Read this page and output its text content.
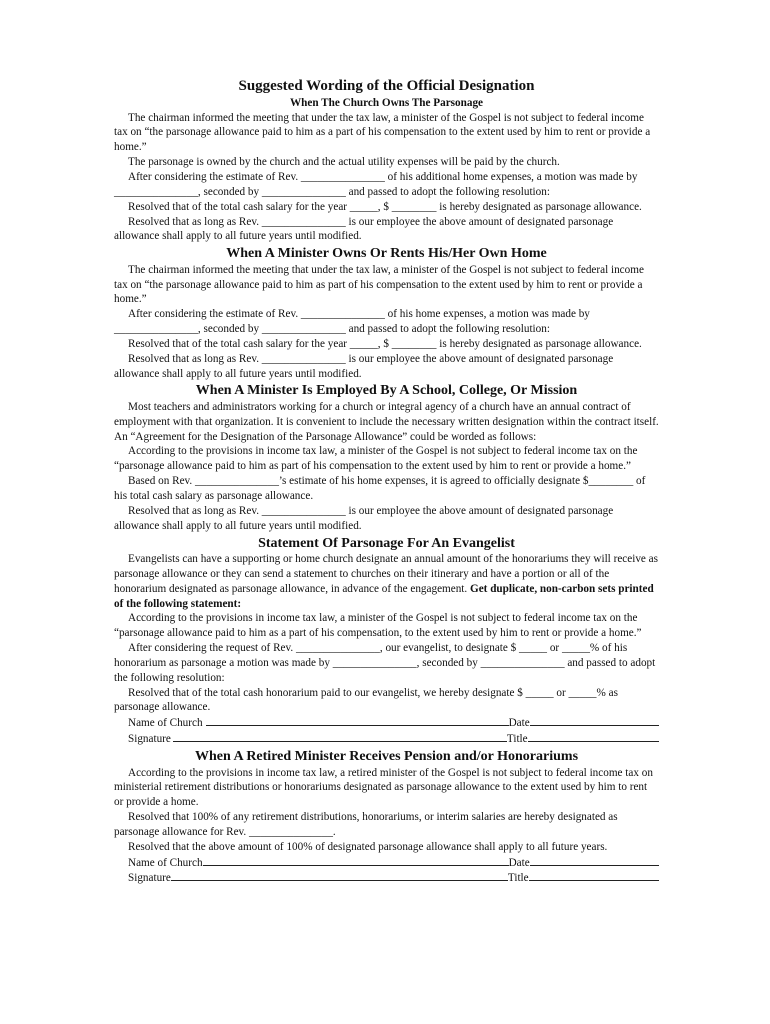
Suggested Wording of the Official Designation
When The Church Owns The Parsonage

The chairman informed the meeting that under the tax law, a minister of the Gospel is not subject to federal income tax on “the parsonage allowance paid to him as a part of his compensation to the extent used by him to rent or provide a home.”

The parsonage is owned by the church and the actual utility expenses will be paid by the church.

After considering the estimate of Rev. _______________ of his additional home expenses, a motion was made by _______________, seconded by _______________ and passed to adopt the following resolution:

Resolved that of the total cash salary for the year _____, $ ________ is hereby designated as parsonage allowance.

Resolved that as long as Rev. _______________ is our employee the above amount of designated parsonage allowance shall apply to all future years until modified.

When A Minister Owns Or Rents His/Her Own Home

The chairman informed the meeting that under the tax law, a minister of the Gospel is not subject to federal income tax on “the parsonage allowance paid to him as part of his compensation to the extent used by him to rent or provide a home.”

After considering the estimate of Rev. _______________ of his home expenses, a motion was made by _______________, seconded by _______________ and passed to adopt the following resolution:

Resolved that of the total cash salary for the year _____, $ ________ is hereby designated as parsonage allowance.

Resolved that as long as Rev. _______________ is our employee the above amount of designated parsonage allowance shall apply to all future years until modified.

When A Minister Is Employed By A School, College, Or Mission

Most teachers and administrators working for a church or integral agency of a church have an annual contract of employment with that organization. It is convenient to include the necessary written designation within the contract itself. An “Agreement for the Designation of the Parsonage Allowance” could be worded as follows:

According to the provisions in income tax law, a minister of the Gospel is not subject to federal income tax on the “parsonage allowance paid to him as part of his compensation to the extent used by him to rent or provide a home.”

Based on Rev. _______________’s estimate of his home expenses, it is agreed to officially designate $________ of his total cash salary as parsonage allowance.

Resolved that as long as Rev. _______________ is our employee the above amount of designated parsonage allowance shall apply to all future years until modified.

Statement Of Parsonage For An Evangelist

Evangelists can have a supporting or home church designate an annual amount of the honorariums they will receive as parsonage allowance or they can send a statement to churches on their itinerary and have a portion or all of the honorarium designated as parsonage allowance, in advance of the engagement. Get duplicate, non-carbon sets printed of the following statement:

According to the provisions in income tax law, a minister of the Gospel is not subject to federal income tax on the “parsonage allowance paid to him as a part of his compensation, to the extent used by him to rent or provide a home.”

After considering the request of Rev. _______________, our evangelist, to designate $ _____ or _____% of his honorarium as parsonage a motion was made by _______________, seconded by _______________ and passed to adopt the following resolution:

Resolved that of the total cash honorarium paid to our evangelist, we hereby designate $ _____ or _____% as parsonage allowance.

Name of Church	Date
Signature	Title
When A Retired Minister Receives Pension and/or Honorariums

According to the provisions in income tax law, a retired minister of the Gospel is not subject to federal income tax on ministerial retirement distributions or honorariums designated as parsonage allowance to the extent used by him to rent or provide a home.

Resolved that 100% of any retirement distributions, honorariums, or interim salaries are hereby designated as parsonage allowance for Rev. _______________.

Resolved that the above amount of 100% of designated parsonage allowance shall apply to all future years.

Name of Church	Date
Signature	Title
